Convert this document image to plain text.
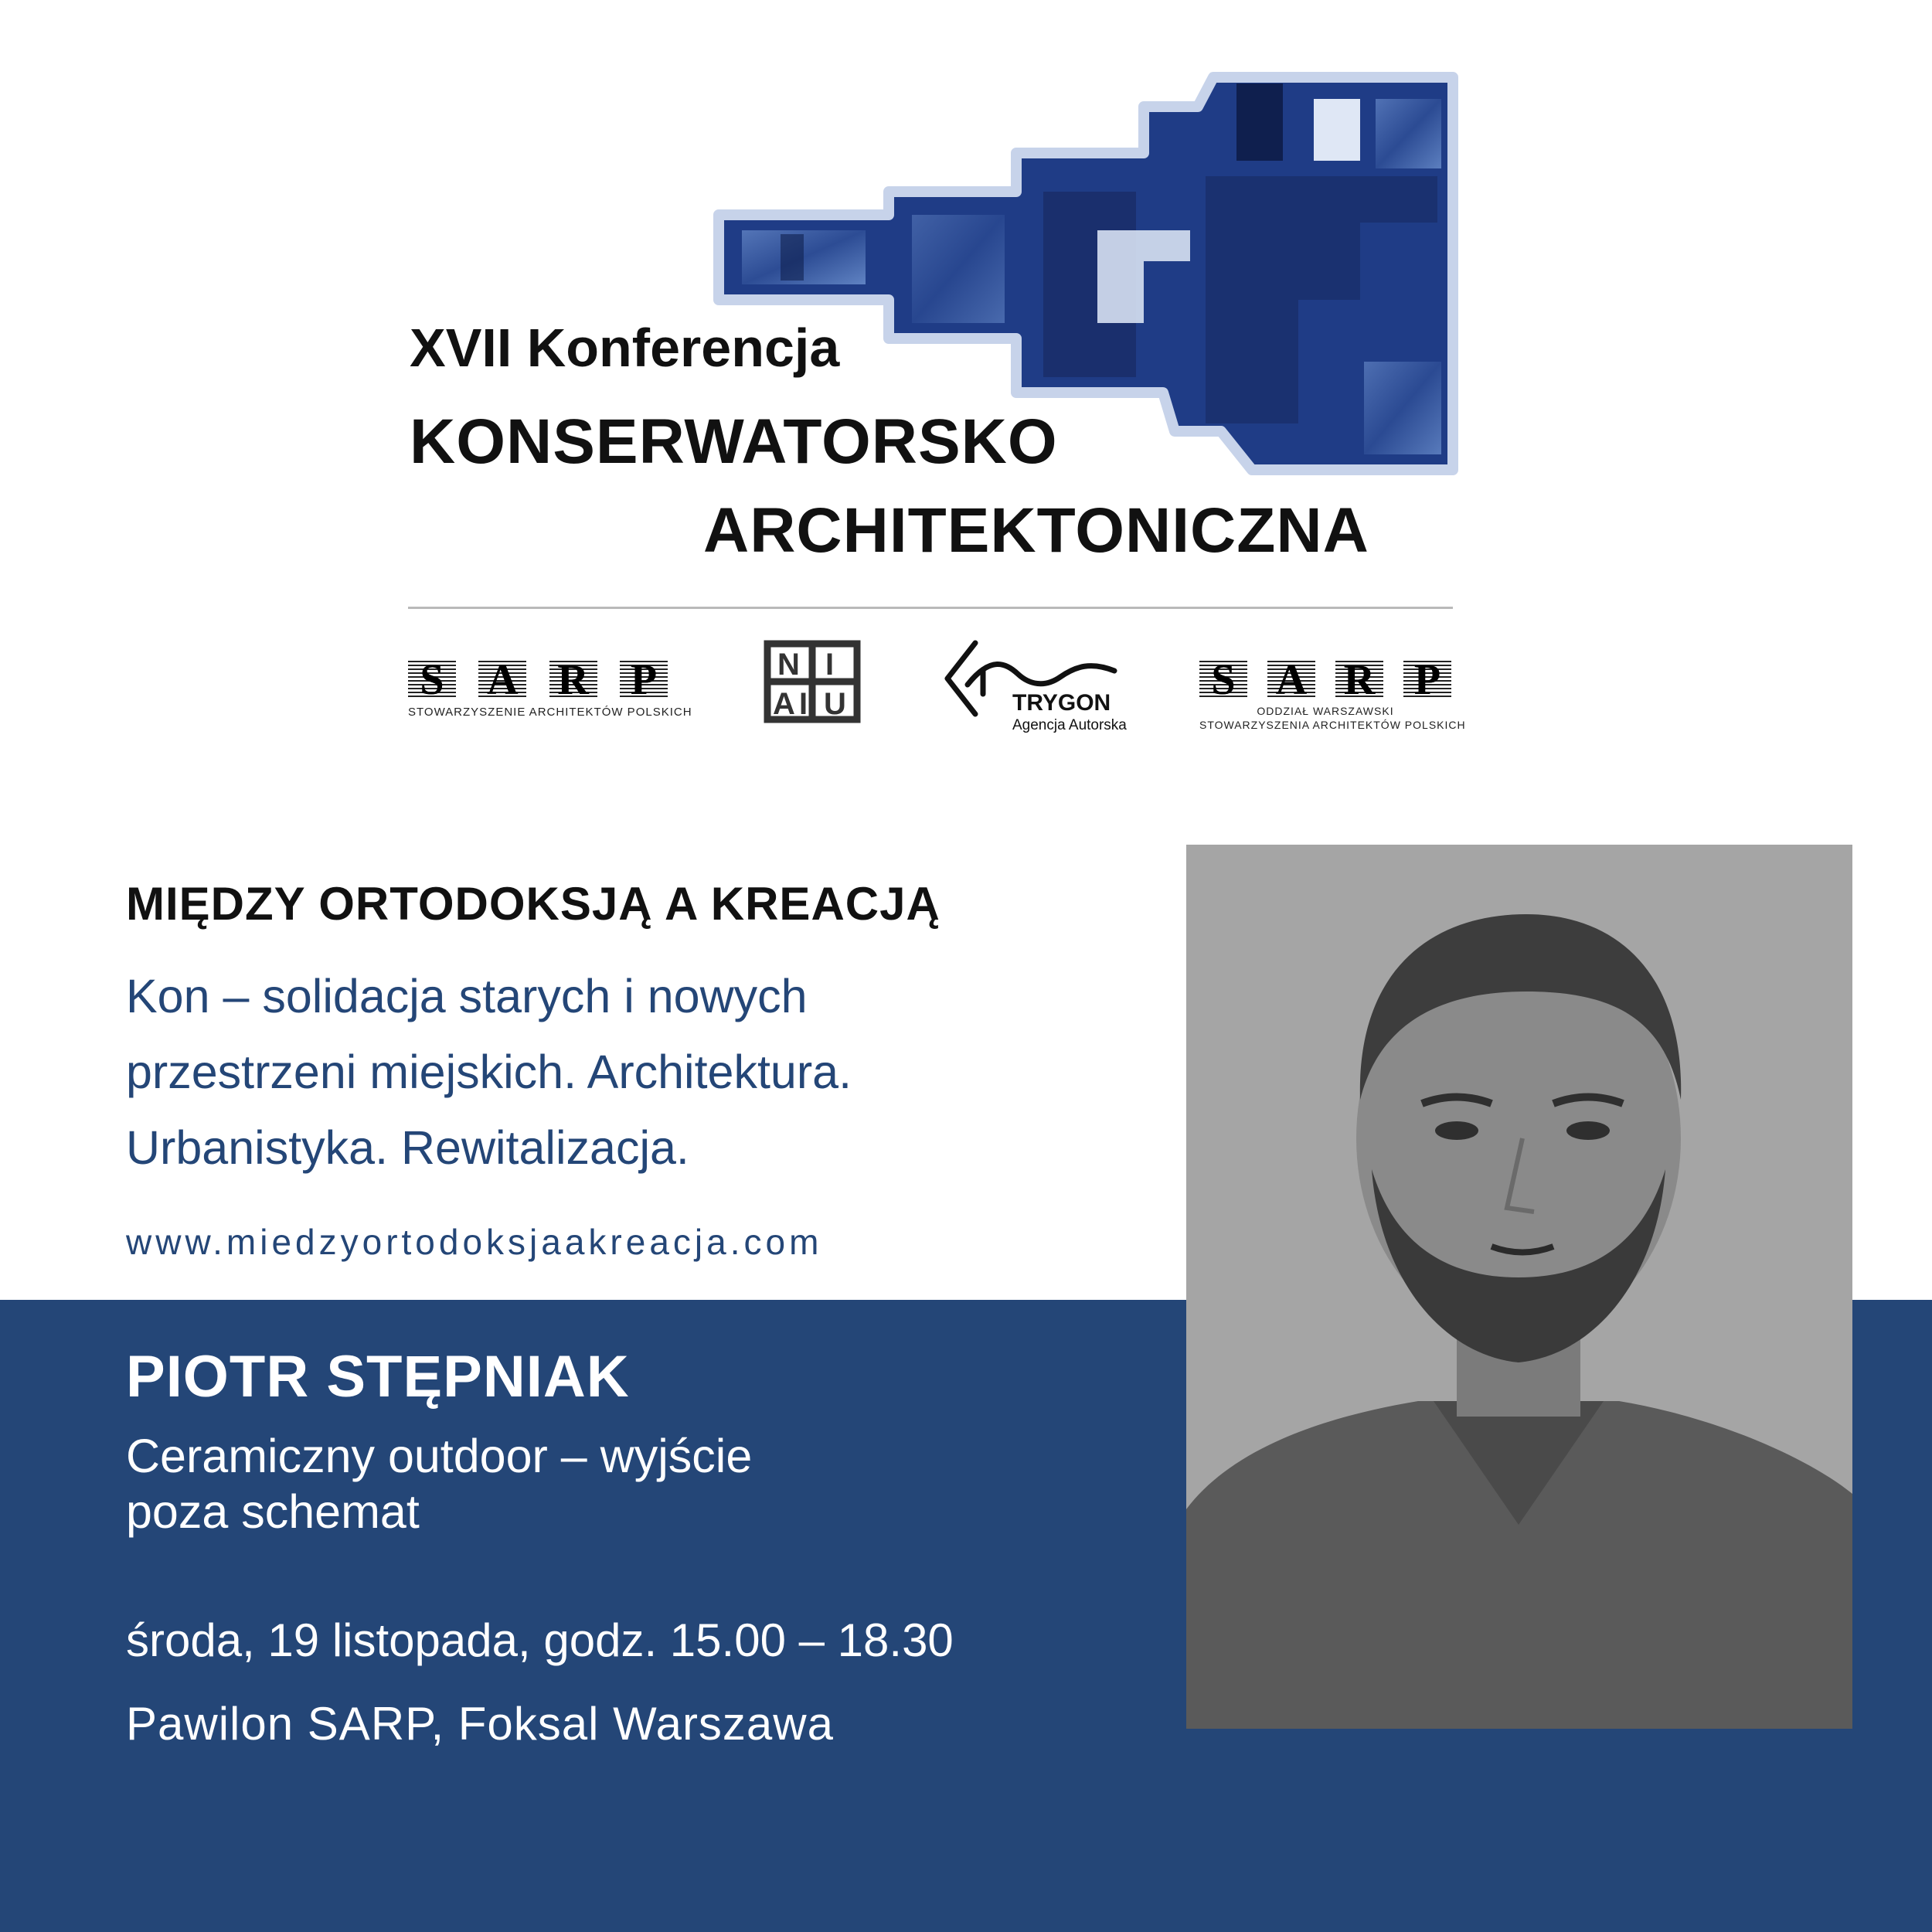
XVII Konferencja
KONSERWATORSKO
ARCHITEKTONICZNA
S A R P
STOWARZYSZENIE ARCHITEKTÓW POLSKICH
N I
A I U	TRYGON
Agencja Autorska
S A R P
ODDZIAŁ WARSZAWSKI
STOWARZYSZENIA ARCHITEKTÓW POLSKICH
MIĘDZY ORTODOKSJĄ A KREACJĄ
Kon – solidacja starych i nowych
przestrzeni miejskich. Architektura.
Urbanistyka. Rewitalizacja.
www.miedzyortodoksjaakreacja.com
PIOTR STĘPNIAK
Ceramiczny outdoor – wyjście
poza schemat
środa, 19 listopada, godz. 15.00 – 18.30
Pawilon SARP, Foksal Warszawa
